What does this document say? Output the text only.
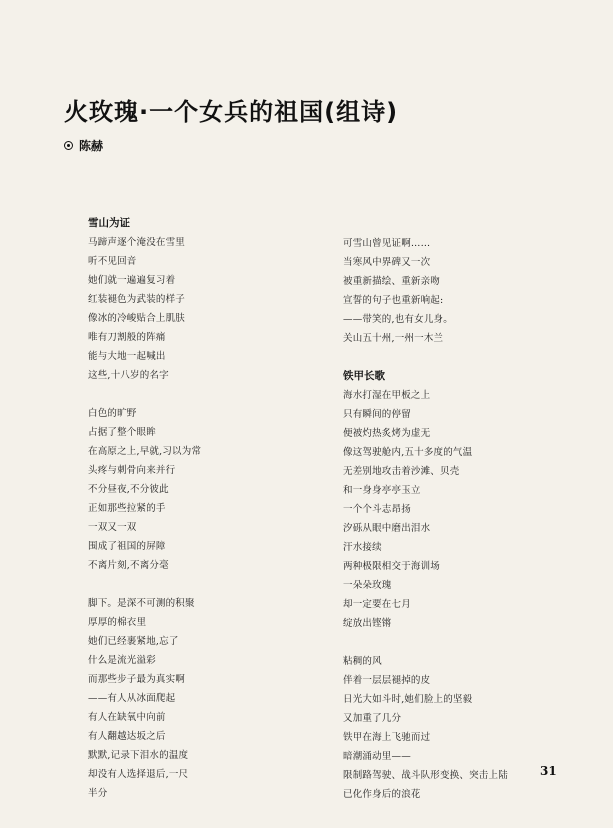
火玫瑰·一个女兵的祖国(组诗)
陈赫
雪山为证
马蹄声逐个淹没在雪里
听不见回音
她们就一遍遍复习着
红装褪色为武装的样子
像冰的冷峻贴合上肌肤
唯有刀割般的阵痛
能与大地一起喊出
这些,十八岁的名字
白色的旷野
占据了整个眼眸
在高原之上,早就,习以为常
头疼与刺骨向来并行
不分昼夜,不分彼此
正如那些拉紧的手
一双又一双
围成了祖国的屏障
不离片刻,不离分毫
脚下。是深不可测的积聚
厚厚的棉衣里
她们已经裹紧地,忘了
什么是流光溢彩
而那些步子最为真实啊
——有人从冰面爬起
有人在缺氧中向前
有人翻越达坂之后
默默,记录下泪水的温度
却没有人选择退后,一尺
半分
可雪山曾见证啊……
当寒风中界碑又一次
被重新描绘、重新亲吻
宣誓的句子也重新响起:
——带笑的,也有女儿身。
关山五十州,一州一木兰
铁甲长歌
海水打湿在甲板之上
只有瞬间的停留
便被灼热炙烤为虚无
像这驾驶舱内,五十多度的气温
无差别地攻击着沙滩、贝壳
和一身身亭亭玉立
一个个斗志昂扬
汐砾从眼中磨出泪水
汗水接续
两种极限相交于海训场
一朵朵玫瑰
却一定要在七月
绽放出铿锵
粘稠的风
伴着一层层褪掉的皮
日光大如斗时,她们脸上的坚毅
又加重了几分
铁甲在海上飞驰而过
暗潮涌动里——
限制路驾驶、战斗队形变换、突击上陆
已化作身后的浪花
31
